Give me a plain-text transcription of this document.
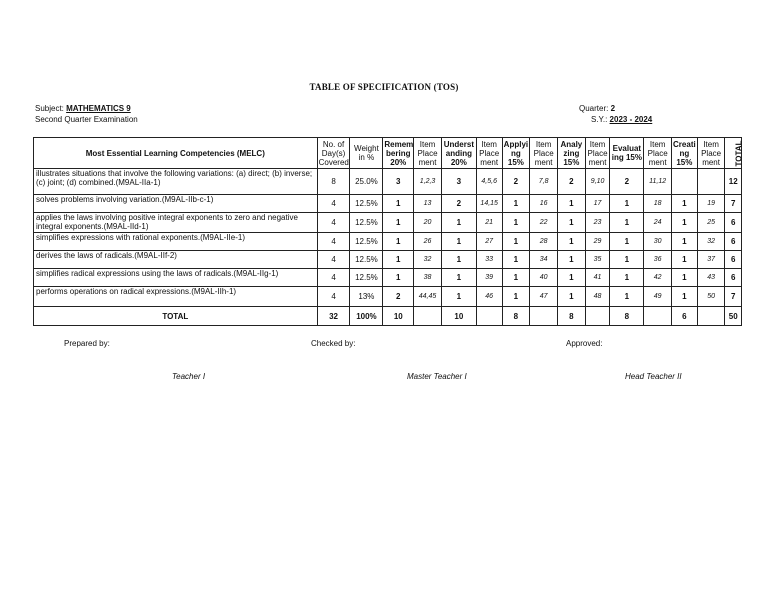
TABLE OF SPECIFICATION (TOS)
Subject: MATHEMATICS 9
Second Quarter Examination
Quarter: 2
S.Y.: 2023 - 2024
Most Essential Learning Competencies (MELC)	No. of Day(s) Covered	Weight in %	Remem bering 20%	Item Place ment	Underst anding 20%	Item Place ment	Applyi ng 15%	Item Place ment	Analy zing 15%	Item Place ment	Evaluat ing 15%	Item Place ment	Creati ng 15%	Item Place ment	TOTAL
illustrates situations that involve the following variations: (a) direct; (b) inverse; (c) joint; (d) combined.(M9AL-IIa-1)	8	25.0%	3	1,2,3	3	4,5,6	2	7,8	2	9,10	2	11,12			12
solves problems involving variation.(M9AL-IIb-c-1)	4	12.5%	1	13	2	14,15	1	16	1	17	1	18	1	19	7
applies the laws involving positive integral exponents to zero and negative integral exponents.(M9AL-IId-1)	4	12.5%	1	20	1	21	1	22	1	23	1	24	1	25	6
simplifies expressions with rational exponents.(M9AL-IIe-1)	4	12.5%	1	26	1	27	1	28	1	29	1	30	1	32	6
derives the laws of radicals.(M9AL-IIf-2)	4	12.5%	1	32	1	33	1	34	1	35	1	36	1	37	6
simplifies radical expressions using the laws of radicals.(M9AL-IIg-1)	4	12.5%	1	38	1	39	1	40	1	41	1	42	1	43	6
performs operations on radical expressions.(M9AL-IIh-1)	4	13%	2	44,45	1	46	1	47	1	48	1	49	1	50	7
TOTAL	32	100%	10		10		8		8		8		6		50
Prepared by:	Checked by:	Approved:
Teacher I	Master Teacher I	Head Teacher II
